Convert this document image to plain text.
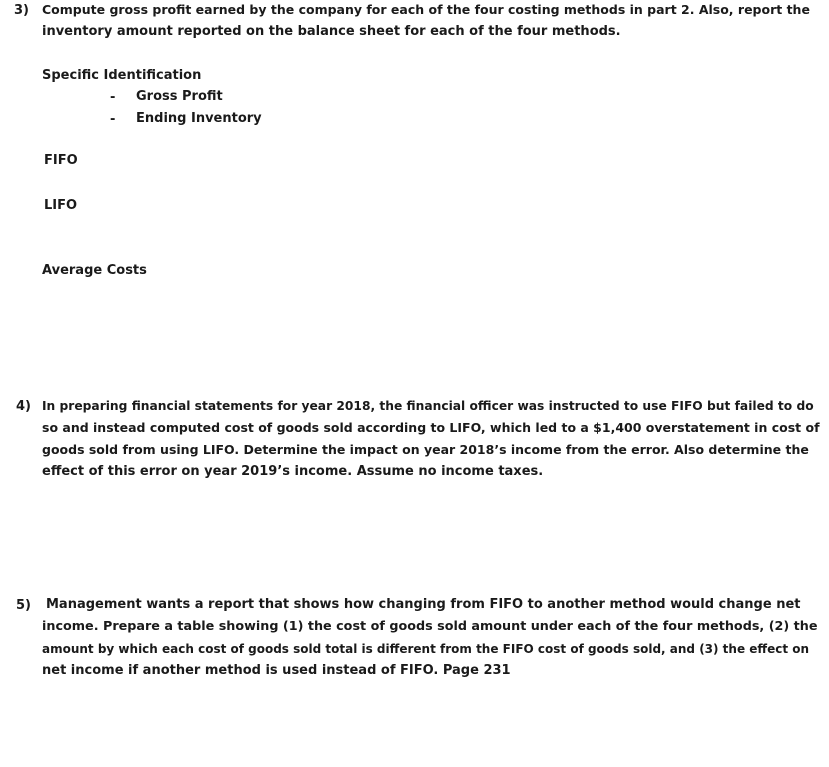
3) Compute gross profit earned by the company for each of the four costing methods in part 2. Also, report the
inventory amount reported on the balance sheet for each of the four methods.
Specific Identification
- Gross Profit
- Ending Inventory
FIFO
LIFO
Average Costs
4) In preparing financial statements for year 2018, the financial officer was instructed to use FIFO but failed to do
so and instead computed cost of goods sold according to LIFO, which led to a $1,400 overstatement in cost of
goods sold from using LIFO. Determine the impact on year 2018’s income from the error. Also determine the
effect of this error on year 2019’s income. Assume no income taxes.
5) Management wants a report that shows how changing from FIFO to another method would change net
income. Prepare a table showing (1) the cost of goods sold amount under each of the four methods, (2) the
amount by which each cost of goods sold total is different from the FIFO cost of goods sold, and (3) the effect on
net income if another method is used instead of FIFO. Page 231
